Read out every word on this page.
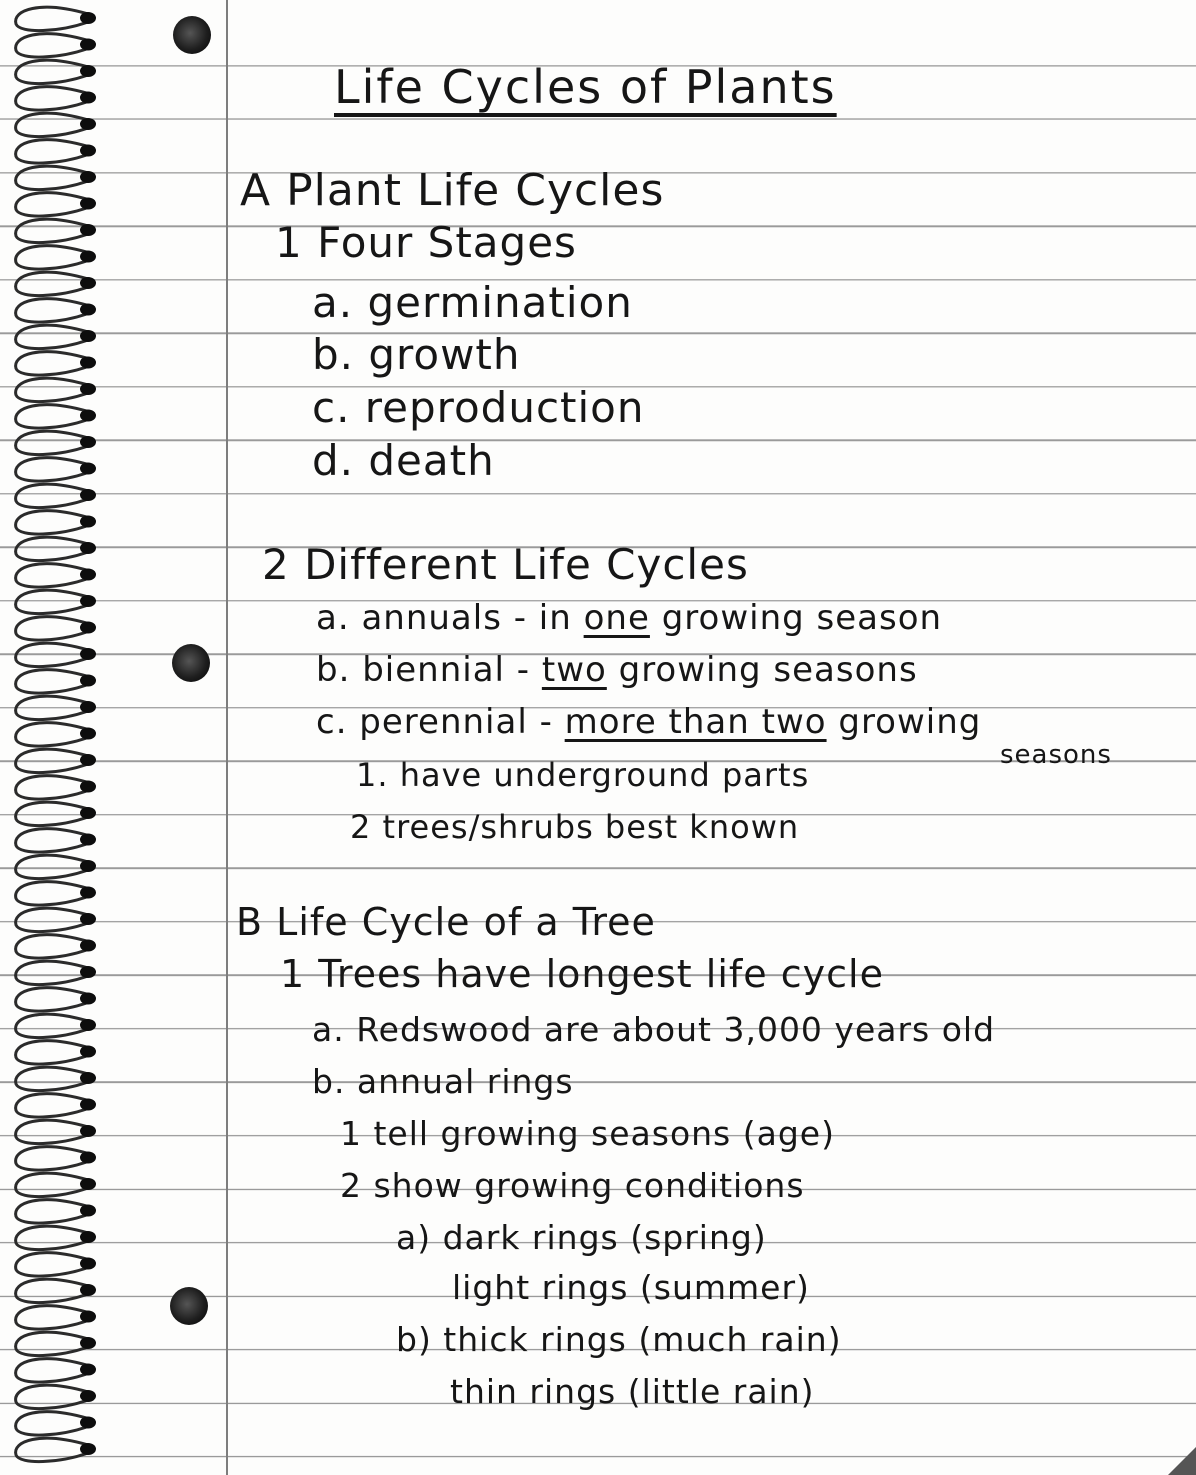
Life Cycles of Plants
A Plant Life Cycles
1 Four Stages
a. germination
b. growth
c. reproduction
d. death
2 Different Life Cycles
a. annuals - in one growing season
b. biennial - two growing seasons
c. perennial - more than two growing
seasons
1. have underground parts
2 trees/shrubs best known
B Life Cycle of a Tree
1 Trees have longest life cycle
a. Redswood are about 3,000 years old
b. annual rings
1 tell growing seasons (age)
2 show growing conditions
a) dark rings (spring)
light rings (summer)
b) thick rings (much rain)
thin rings (little rain)
